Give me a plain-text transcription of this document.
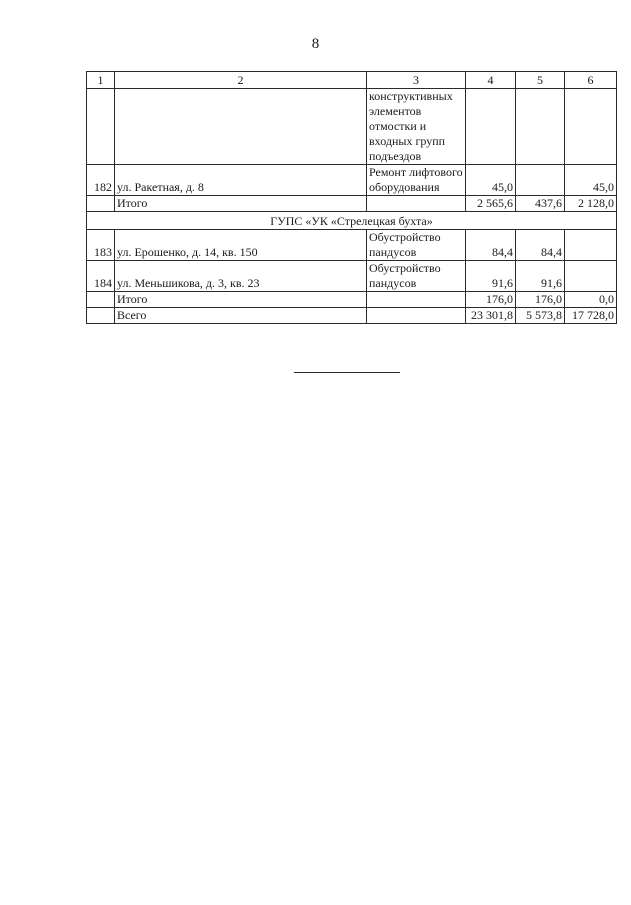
8
1	2	3	4	5	6
		конструктивных элементов отмостки и входных групп подъездов			
182	ул. Ракетная, д. 8	Ремонт лифтового оборудования	45,0		45,0
	Итого		2 565,6	437,6	2 128,0
ГУПС «УК «Стрелецкая бухта»					
183	ул. Ерошенко, д. 14, кв. 150	Обустройство пандусов	84,4	84,4	
184	ул. Меньшикова, д. 3, кв. 23	Обустройство пандусов	91,6	91,6	
	Итого		176,0	176,0	0,0
	Всего		23 301,8	5 573,8	17 728,0
